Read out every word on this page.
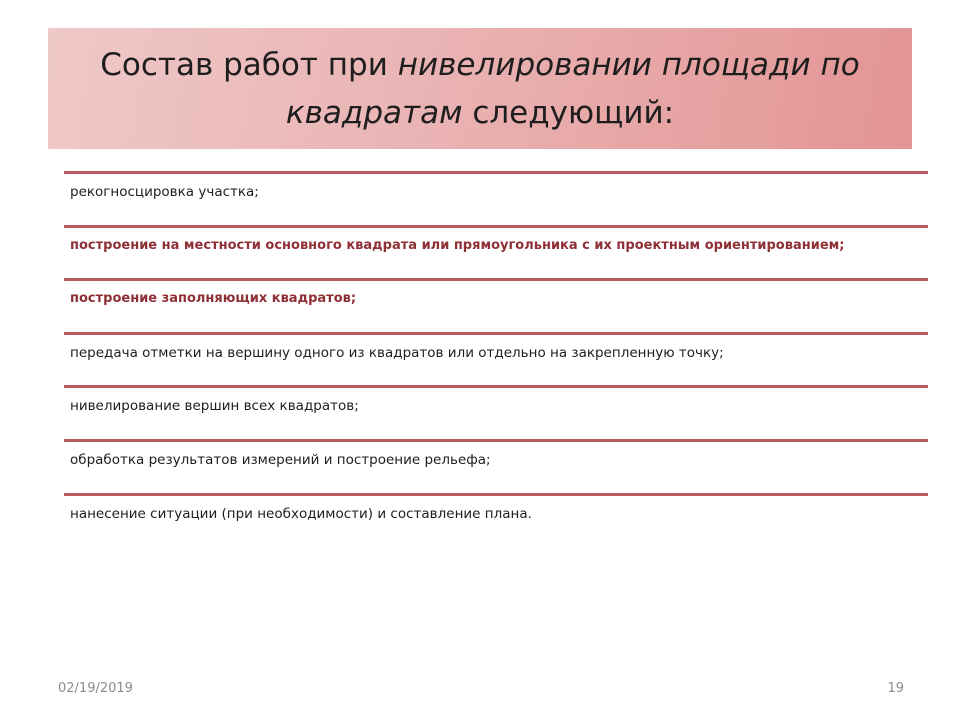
Состав работ при нивелировании площади по квадратам следующий:
рекогносцировка участка;
построение на местности основного квадрата или прямоугольника с их проектным ориентированием;
построение заполняющих квадратов;
передача отметки на вершину одного из квадратов или отдельно на закрепленную точку;
нивелирование вершин всех квадратов;
обработка результатов измерений и построение рельефа;
нанесение ситуации (при необходимости) и составление плана.
02/19/2019	19
